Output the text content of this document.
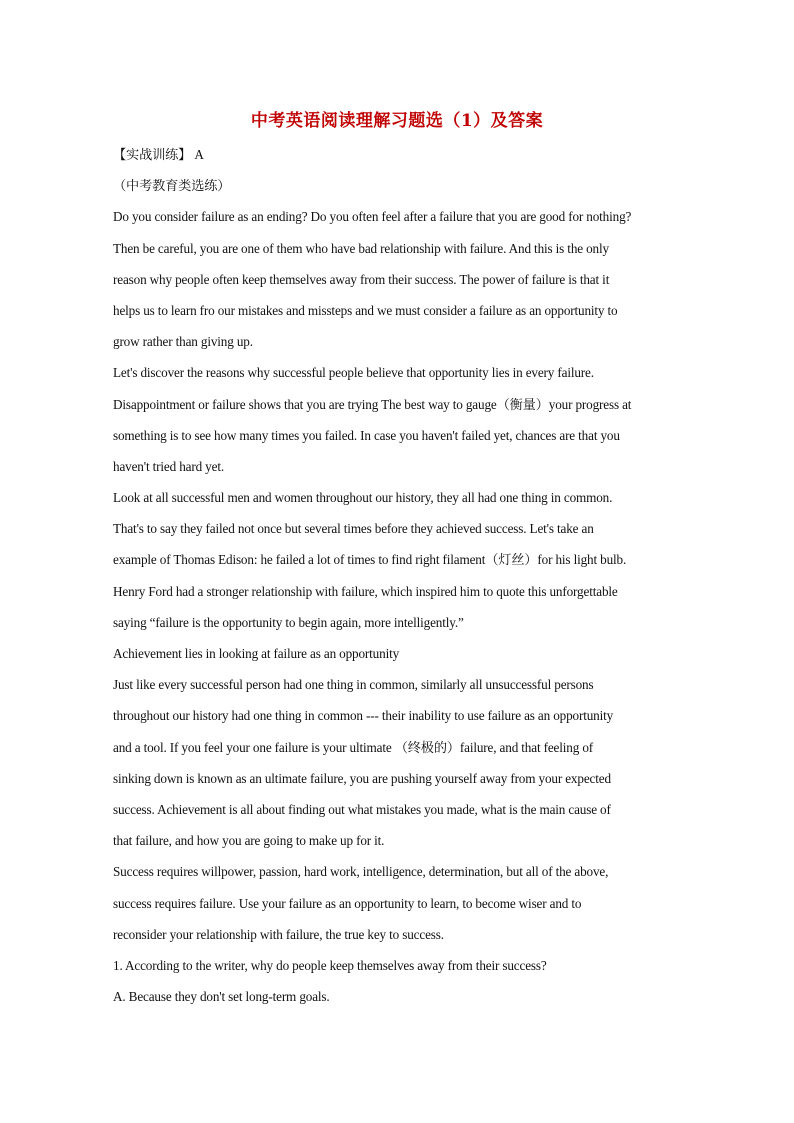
中考英语阅读理解习题选（1）及答案
【实战训练】 A
（中考教育类选练）
Do you consider failure as an ending? Do you often feel after a failure that you are good for nothing?
Then be careful, you are one of them who have bad relationship with failure. And this is the only
reason why people often keep themselves away from their success. The power of failure is that it
helps us to learn fro our mistakes and missteps and we must consider a failure as an opportunity to
grow rather than giving up.
Let's discover the reasons why successful people believe that opportunity lies in every failure.
Disappointment or failure shows that you are trying The best way to gauge（衡量）your progress at
something is to see how many times you failed. In case you haven't failed yet, chances are that you
haven't tried hard yet.
Look at all successful men and women throughout our history, they all had one thing in common.
That's to say they failed not once but several times before they achieved success. Let's take an
example of Thomas Edison: he failed a lot of times to find right filament（灯丝）for his light bulb.
Henry Ford had a stronger relationship with failure, which inspired him to quote this unforgettable
saying “failure is the opportunity to begin again, more intelligently.”
Achievement lies in looking at failure as an opportunity
Just like every successful person had one thing in common, similarly all unsuccessful persons
throughout our history had one thing in common --- their inability to use failure as an opportunity
and a tool. If you feel your one failure is your ultimate （终极的）failure, and that feeling of
sinking down is known as an ultimate failure, you are pushing yourself away from your expected
success. Achievement is all about finding out what mistakes you made, what is the main cause of
that failure, and how you are going to make up for it.
Success requires willpower, passion, hard work, intelligence, determination, but all of the above,
success requires failure. Use your failure as an opportunity to learn, to become wiser and to
reconsider your relationship with failure, the true key to success.
1. According to the writer, why do people keep themselves away from their success?
A. Because they don't set long-term goals.
